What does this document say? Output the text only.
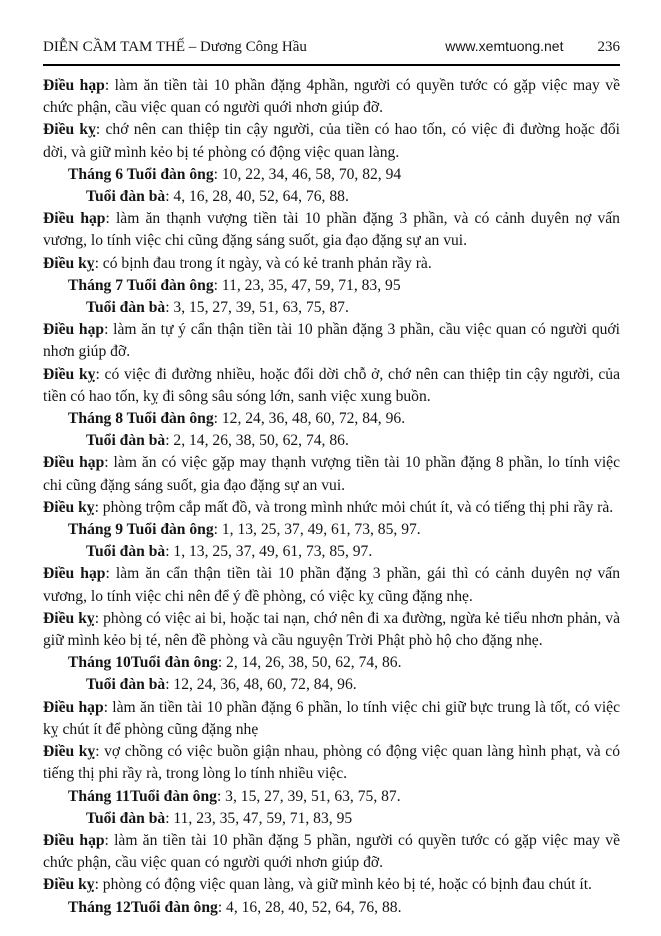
DIỄN CẦM TAM THẾ – Dương Công Hầu	www.xemtuong.net 236

Điều hạp: làm ăn tiền tài 10 phần đặng 4phần, người có quyền tước có gặp việc may về chức phận, cầu việc quan có người quới nhơn giúp đỡ.

Điều kỵ: chớ nên can thiệp tin cậy người, của tiền có hao tốn, có việc đi đường hoặc đổi dời, và giữ mình kẻo bị té phòng có động việc quan làng.

Tháng 6 Tuổi đàn ông: 10, 22, 34, 46, 58, 70, 82, 94

Tuổi đàn bà: 4, 16, 28, 40, 52, 64, 76, 88.

Điều hạp: làm ăn thạnh vượng tiền tài 10 phần đặng 3 phần, và có cảnh duyên nợ vấn vương, lo tính việc chi cũng đặng sáng suốt, gia đạo đặng sự an vui.

Điều kỵ: có bịnh đau trong ít ngày, và có kẻ tranh phản rầy rà.

Tháng 7 Tuổi đàn ông: 11, 23, 35, 47, 59, 71, 83, 95

Tuổi đàn bà: 3, 15, 27, 39, 51, 63, 75, 87.

Điều hạp: làm ăn tự ý cẩn thận tiền tài 10 phần đặng 3 phần, cầu việc quan có người quới nhơn giúp đỡ.

Điều kỵ: có việc đi đường nhiều, hoặc đổi dời chỗ ở, chớ nên can thiệp tin cậy người, của tiền có hao tốn, kỵ đi sông sâu sóng lớn, sanh việc xung buồn.

Tháng 8 Tuổi đàn ông: 12, 24, 36, 48, 60, 72, 84, 96.

Tuổi đàn bà: 2, 14, 26, 38, 50, 62, 74, 86.

Điều hạp: làm ăn có việc gặp may thạnh vượng tiền tài 10 phần đặng 8 phần, lo tính việc chi cũng đặng sáng suốt, gia đạo đặng sự an vui.

Điều kỵ: phòng trộm cắp mất đồ, và trong mình nhức mỏi chút ít, và có tiếng thị phi rầy rà.

Tháng 9 Tuổi đàn ông: 1, 13, 25, 37, 49, 61, 73, 85, 97.

Tuổi đàn bà: 1, 13, 25, 37, 49, 61, 73, 85, 97.

Điều hạp: làm ăn cẩn thận tiền tài 10 phần đặng 3 phần, gái thì có cảnh duyên nợ vấn vương, lo tính việc chi nên để ý đề phòng, có việc kỵ cũng đặng nhẹ.

Điều kỵ: phòng có việc ai bi, hoặc tai nạn, chớ nên đi xa đường, ngừa kẻ tiểu nhơn phản, và giữ mình kẻo bị té, nên đề phòng và cầu nguyện Trời Phật phò hộ cho đặng nhẹ.

Tháng 10Tuổi đàn ông: 2, 14, 26, 38, 50, 62, 74, 86.

Tuổi đàn bà: 12, 24, 36, 48, 60, 72, 84, 96.

Điều hạp: làm ăn tiền tài 10 phần đặng 6 phần, lo tính việc chi giữ bực trung là tốt, có việc kỵ chút ít để phòng cũng đặng nhẹ

Điều kỵ: vợ chồng có việc buồn giận nhau, phòng có động việc quan làng hình phạt, và có tiếng thị phi rầy rà, trong lòng lo tính nhiều việc.

Tháng 11Tuổi đàn ông: 3, 15, 27, 39, 51, 63, 75, 87.

Tuổi đàn bà: 11, 23, 35, 47, 59, 71, 83, 95

Điều hạp: làm ăn tiền tài 10 phần đặng 5 phần, người có quyền tước có gặp việc may về chức phận, cầu việc quan có người quới nhơn giúp đỡ.

Điều kỵ: phòng có động việc quan làng, và giữ mình kẻo bị té, hoặc có bịnh đau chút ít.

Tháng 12Tuổi đàn ông: 4, 16, 28, 40, 52, 64, 76, 88.
